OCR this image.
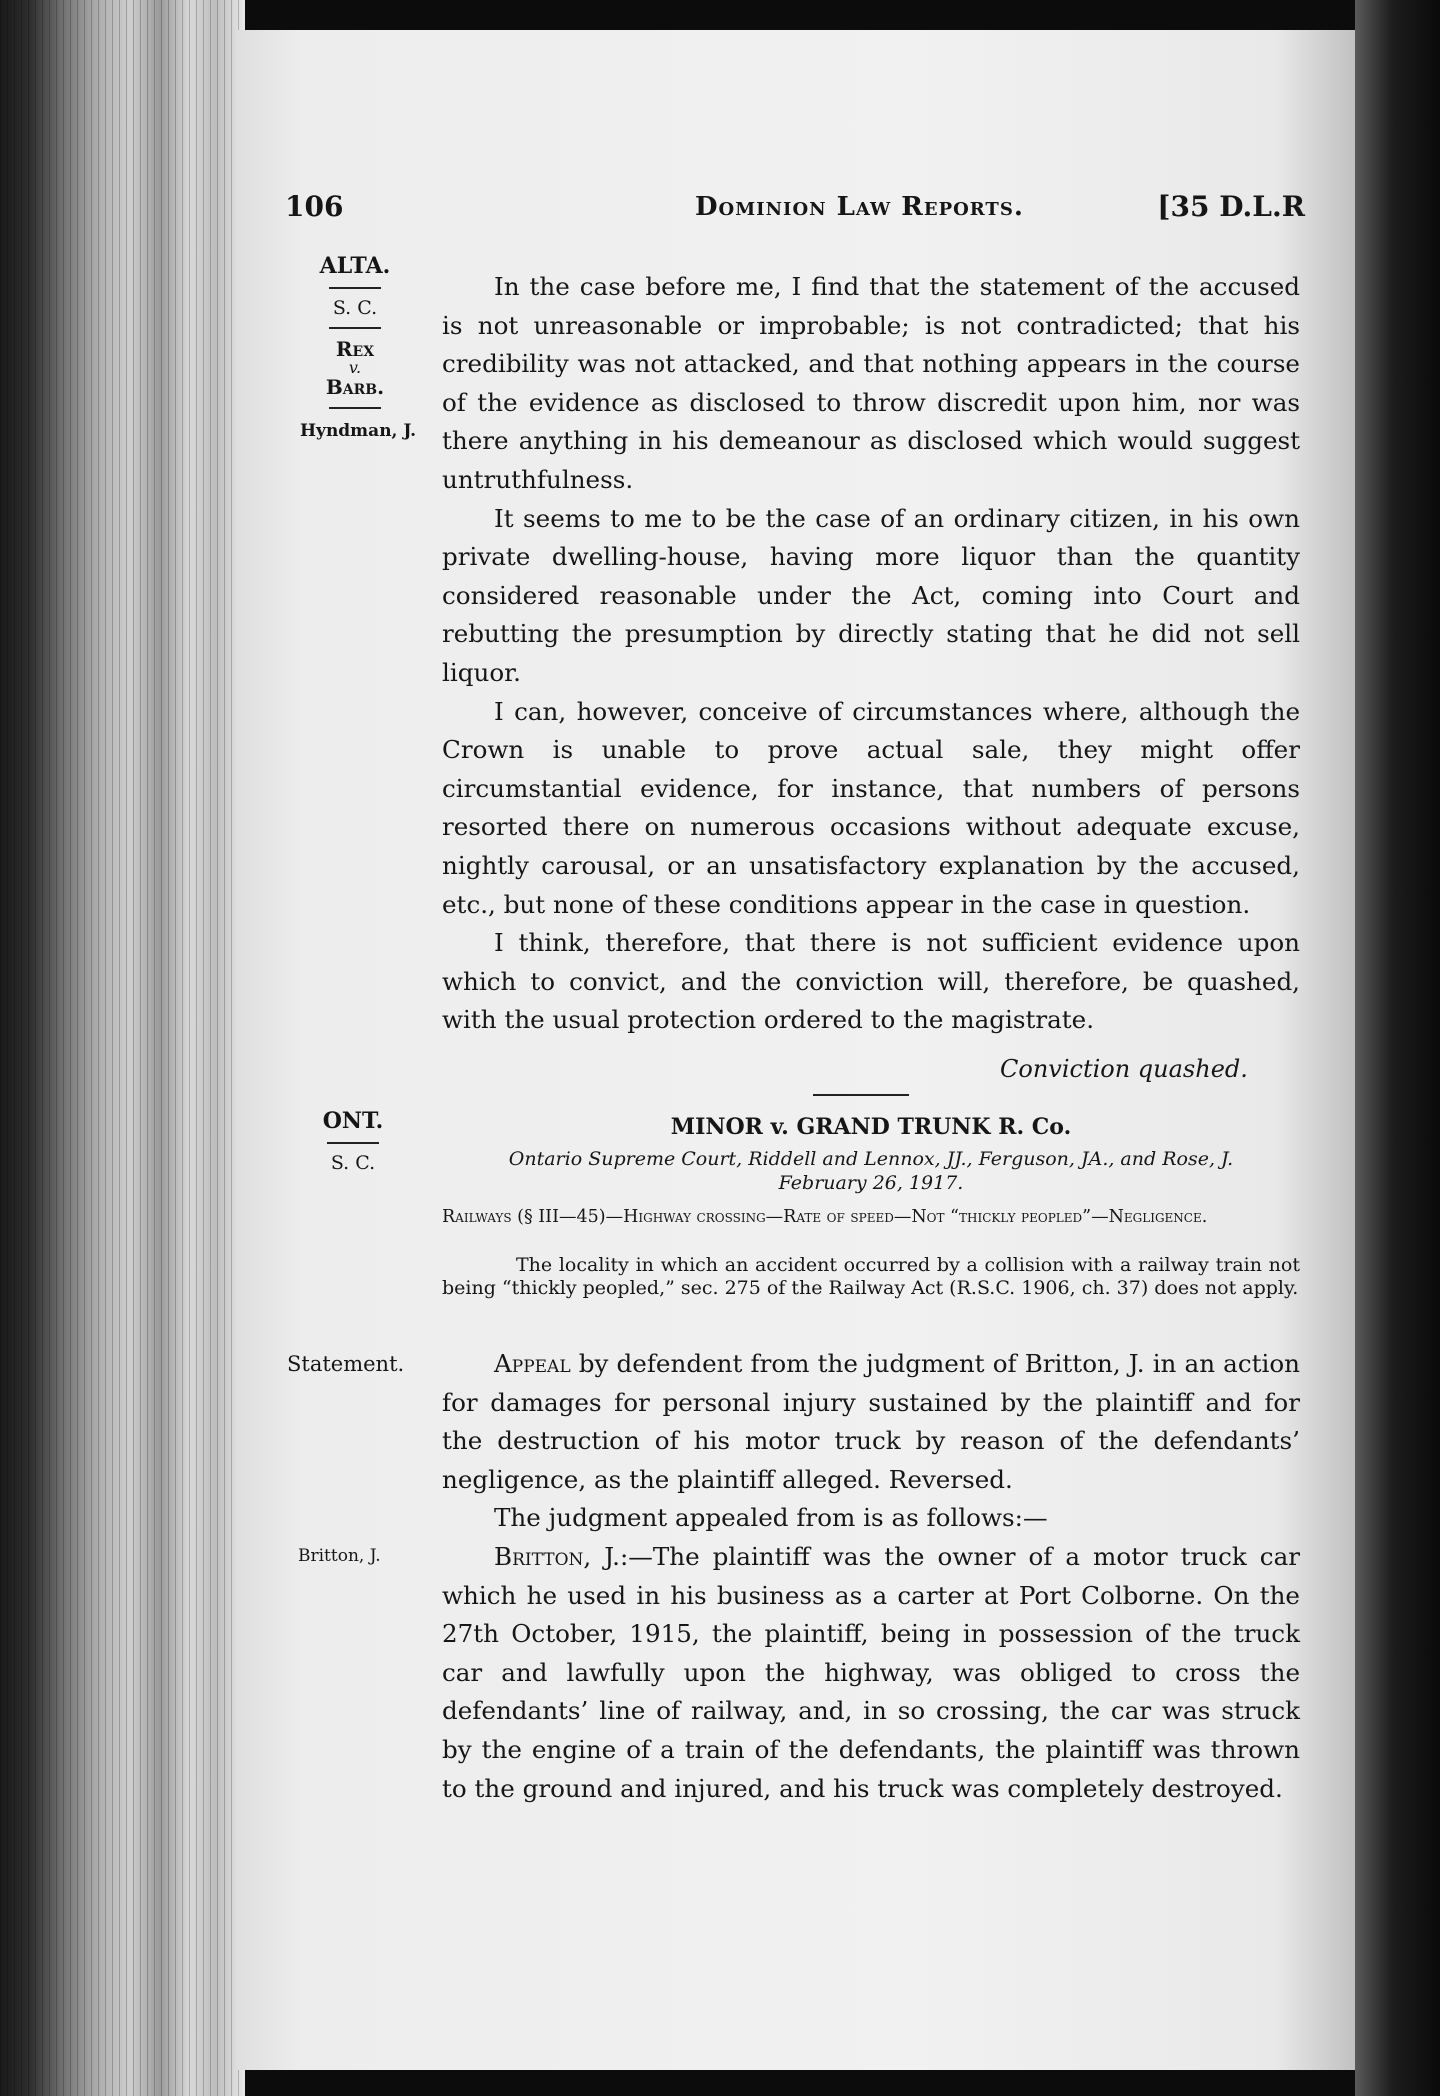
106	Dominion Law Reports.	[35 D.L.R
ALTA.
S. C.
Rex
v.
Barb.
Hyndman, J.

In the case before me, I find that the statement of the accused is not unreasonable or improbable; is not contradicted; that his credibility was not attacked, and that nothing appears in the course of the evidence as disclosed to throw discredit upon him, nor was there anything in his demeanour as disclosed which would suggest untruthfulness.

It seems to me to be the case of an ordinary citizen, in his own private dwelling-house, having more liquor than the quantity considered reasonable under the Act, coming into Court and rebutting the presumption by directly stating that he did not sell liquor.

I can, however, conceive of circumstances where, although the Crown is unable to prove actual sale, they might offer circumstantial evidence, for instance, that numbers of persons resorted there on numerous occasions without adequate excuse, nightly carousal, or an unsatisfactory explanation by the accused, etc., but none of these conditions appear in the case in question.

I think, therefore, that there is not sufficient evidence upon which to convict, and the conviction will, therefore, be quashed, with the usual protection ordered to the magistrate.

Conviction quashed.
ONT.
S. C.
MINOR v. GRAND TRUNK R. Co.
Ontario Supreme Court, Riddell and Lennox, JJ., Ferguson, JA., and Rose, J.
February 26, 1917.
Railways (§ III—45)—Highway crossing—Rate of speed—Not “thickly peopled”—Negligence.
The locality in which an accident occurred by a collision with a railway train not being “thickly peopled,” sec. 275 of the Railway Act (R.S.C. 1906, ch. 37) does not apply.
Statement.
Britton, J.

Appeal by defendent from the judgment of Britton, J. in an action for damages for personal injury sustained by the plaintiff and for the destruction of his motor truck by reason of the defendants’ negligence, as the plaintiff alleged. Reversed.

The judgment appealed from is as follows:—

Britton, J.:—The plaintiff was the owner of a motor truck car which he used in his business as a carter at Port Colborne. On the 27th October, 1915, the plaintiff, being in possession of the truck car and lawfully upon the highway, was obliged to cross the defendants’ line of railway, and, in so crossing, the car was struck by the engine of a train of the defendants, the plaintiff was thrown to the ground and injured, and his truck was completely destroyed.
